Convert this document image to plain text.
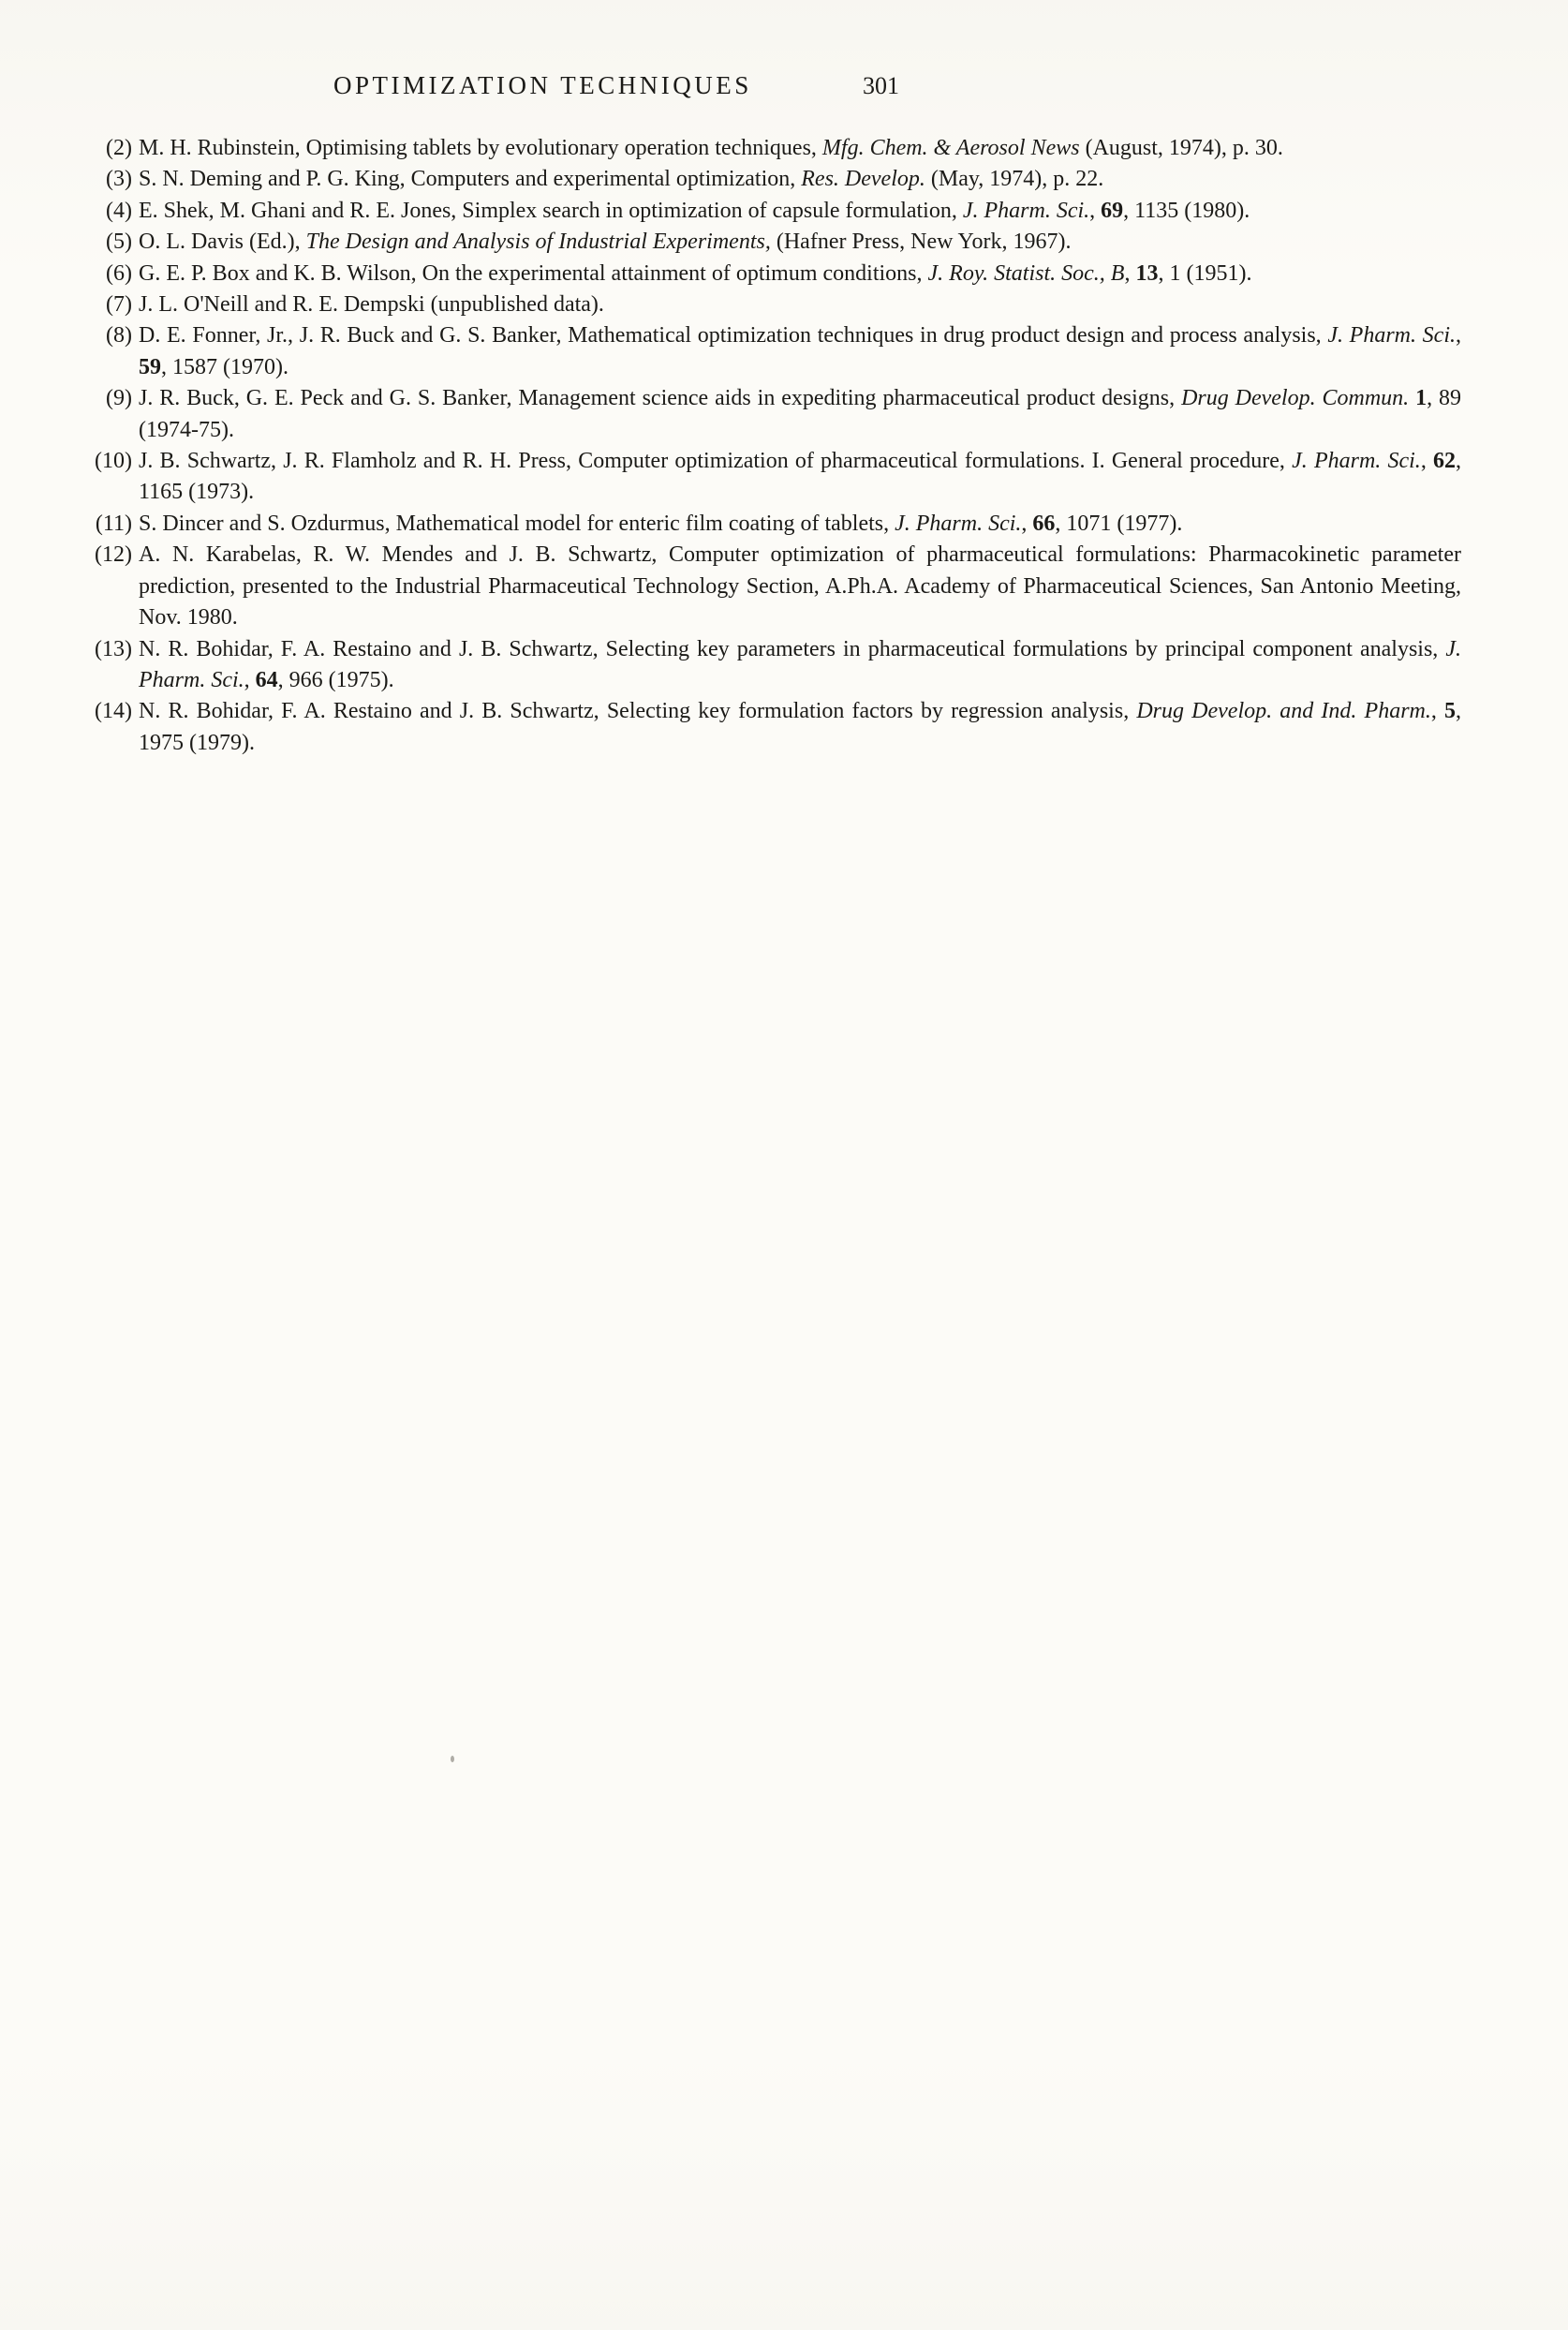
OPTIMIZATION TECHNIQUES	301
(2) M. H. Rubinstein, Optimising tablets by evolutionary operation techniques, Mfg. Chem. & Aerosol News (August, 1974), p. 30.
(3) S. N. Deming and P. G. King, Computers and experimental optimization, Res. Develop. (May, 1974), p. 22.
(4) E. Shek, M. Ghani and R. E. Jones, Simplex search in optimization of capsule formulation, J. Pharm. Sci., 69, 1135 (1980).
(5) O. L. Davis (Ed.), The Design and Analysis of Industrial Experiments, (Hafner Press, New York, 1967).
(6) G. E. P. Box and K. B. Wilson, On the experimental attainment of optimum conditions, J. Roy. Statist. Soc., B, 13, 1 (1951).
(7) J. L. O'Neill and R. E. Dempski (unpublished data).
(8) D. E. Fonner, Jr., J. R. Buck and G. S. Banker, Mathematical optimization techniques in drug product design and process analysis, J. Pharm. Sci., 59, 1587 (1970).
(9) J. R. Buck, G. E. Peck and G. S. Banker, Management science aids in expediting pharmaceutical product designs, Drug Develop. Commun. 1, 89 (1974-75).
(10) J. B. Schwartz, J. R. Flamholz and R. H. Press, Computer optimization of pharmaceutical formulations. I. General procedure, J. Pharm. Sci., 62, 1165 (1973).
(11) S. Dincer and S. Ozdurmus, Mathematical model for enteric film coating of tablets, J. Pharm. Sci., 66, 1071 (1977).
(12) A. N. Karabelas, R. W. Mendes and J. B. Schwartz, Computer optimization of pharmaceutical formulations: Pharmacokinetic parameter prediction, presented to the Industrial Pharmaceutical Technology Section, A.Ph.A. Academy of Pharmaceutical Sciences, San Antonio Meeting, Nov. 1980.
(13) N. R. Bohidar, F. A. Restaino and J. B. Schwartz, Selecting key parameters in pharmaceutical formulations by principal component analysis, J. Pharm. Sci., 64, 966 (1975).
(14) N. R. Bohidar, F. A. Restaino and J. B. Schwartz, Selecting key formulation factors by regression analysis, Drug Develop. and Ind. Pharm., 5, 1975 (1979).
